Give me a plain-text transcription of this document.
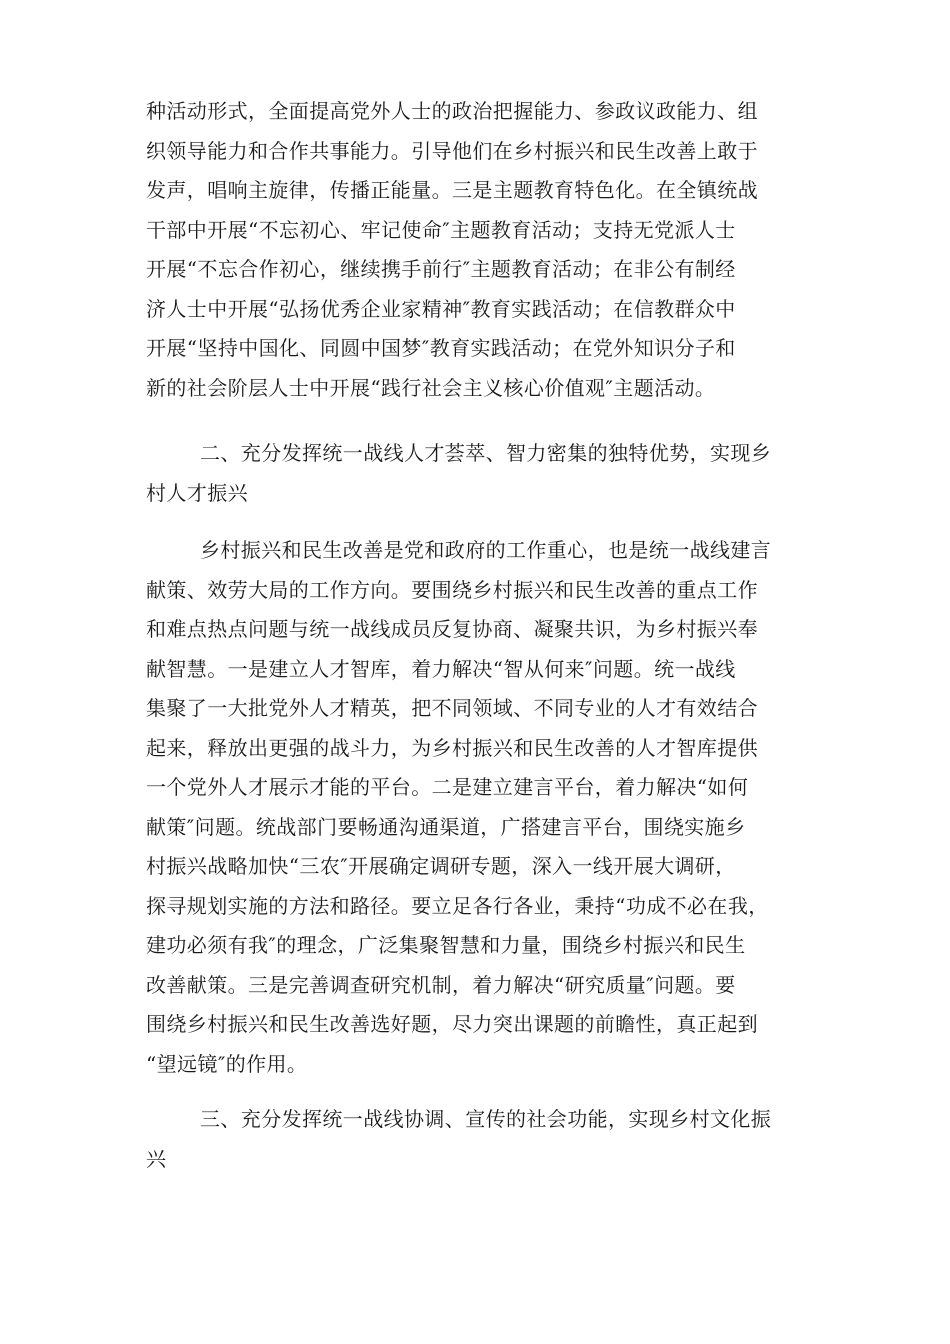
种活动形式，全面提高党外人士的政治把握能力、参政议政能力、组
织领导能力和合作共事能力。引导他们在乡村振兴和民生改善上敢于
发声，唱响主旋律，传播正能量。三是主题教育特色化。在全镇统战
干部中开展“不忘初心、牢记使命″主题教育活动；支持无党派人士
开展“不忘合作初心，继续携手前行″主题教育活动；在非公有制经
济人士中开展“弘扬优秀企业家精神″教育实践活动；在信教群众中
开展“坚持中国化、同圆中国梦″教育实践活动；在党外知识分子和
新的社会阶层人士中开展“践行社会主义核心价值观″主题活动。
二、充分发挥统一战线人才荟萃、智力密集的独特优势，实现乡
村人才振兴
乡村振兴和民生改善是党和政府的工作重心，也是统一战线建言
献策、效劳大局的工作方向。要围绕乡村振兴和民生改善的重点工作
和难点热点问题与统一战线成员反复协商、凝聚共识，为乡村振兴奉
献智慧。一是建立人才智库，着力解决“智从何来″问题。统一战线
集聚了一大批党外人才精英，把不同领域、不同专业的人才有效结合
起来，释放出更强的战斗力，为乡村振兴和民生改善的人才智库提供
一个党外人才展示才能的平台。二是建立建言平台，着力解决“如何
献策″问题。统战部门要畅通沟通渠道，广搭建言平台，围绕实施乡
村振兴战略加快“三农″开展确定调研专题，深入一线开展大调研，
探寻规划实施的方法和路径。要立足各行各业，秉持“功成不必在我，
建功必须有我″的理念，广泛集聚智慧和力量，围绕乡村振兴和民生
改善献策。三是完善调查研究机制，着力解决“研究质量″问题。要
围绕乡村振兴和民生改善选好题，尽力突出课题的前瞻性，真正起到
“望远镜″的作用。
三、充分发挥统一战线协调、宣传的社会功能，实现乡村文化振
兴
